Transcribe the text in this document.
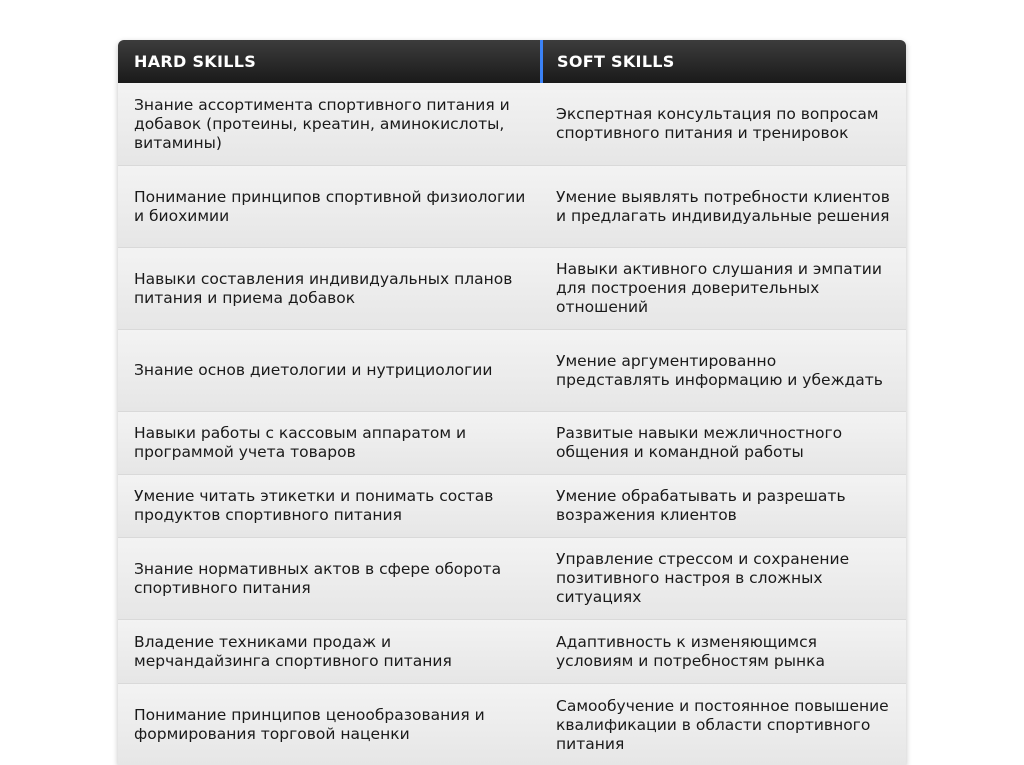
HARD SKILLS	SOFT SKILLS
Знание ассортимента спортивного питания и добавок (протеины, креатин, аминокислоты, витамины)
Экспертная консультация по вопросам спортивного питания и тренировок
Понимание принципов спортивной физиологии и биохимии
Умение выявлять потребности клиентов и предлагать индивидуальные решения
Навыки составления индивидуальных планов питания и приема добавок
Навыки активного слушания и эмпатии для построения доверительных отношений
Знание основ диетологии и нутрициологии
Умение аргументированно представлять информацию и убеждать
Навыки работы с кассовым аппаратом и программой учета товаров
Развитые навыки межличностного общения и командной работы
Умение читать этикетки и понимать состав продуктов спортивного питания
Умение обрабатывать и разрешать возражения клиентов
Знание нормативных актов в сфере оборота спортивного питания
Управление стрессом и сохранение позитивного настроя в сложных ситуациях
Владение техниками продаж и мерчандайзинга спортивного питания
Адаптивность к изменяющимся условиям и потребностям рынка
Понимание принципов ценообразования и формирования торговой наценки
Самообучение и постоянное повышение квалификации в области спортивного питания
